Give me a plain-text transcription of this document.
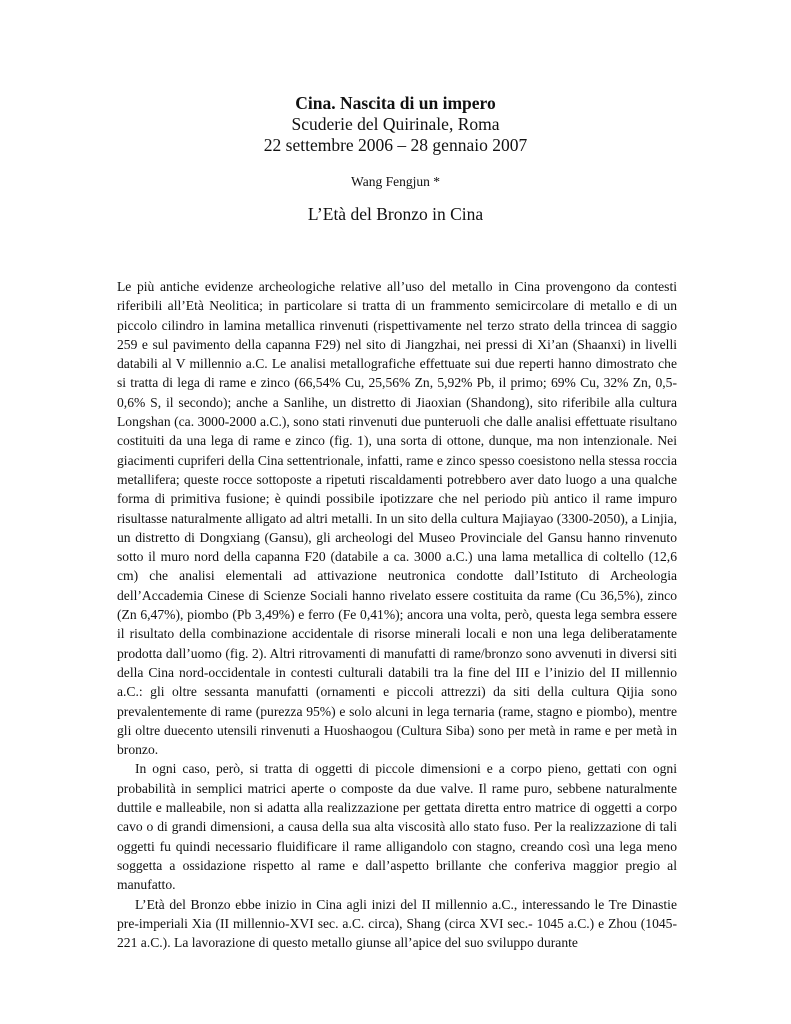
Cina. Nascita di un impero
Scuderie del Quirinale, Roma
22 settembre 2006 – 28 gennaio 2007
Wang Fengjun *
L’Età del Bronzo in Cina

Le più antiche evidenze archeologiche relative all’uso del metallo in Cina provengono da contesti riferibili all’Età Neolitica; in particolare si tratta di un frammento semicircolare di metallo e di un piccolo cilindro in lamina metallica rinvenuti (rispettivamente nel terzo strato della trincea di saggio 259 e sul pavimento della capanna F29) nel sito di Jiangzhai, nei pressi di Xi’an (Shaanxi) in livelli databili al V millennio a.C. Le analisi metallografiche effettuate sui due reperti hanno dimostrato che si tratta di lega di rame e zinco (66,54% Cu, 25,56% Zn, 5,92% Pb, il primo; 69% Cu, 32% Zn, 0,5-0,6% S, il secondo); anche a Sanlihe, un distretto di Jiaoxian (Shandong), sito riferibile alla cultura Longshan (ca. 3000-2000 a.C.), sono stati rinvenuti due punteruoli che dalle analisi effettuate risultano costituiti da una lega di rame e zinco (fig. 1), una sorta di ottone, dunque, ma non intenzionale. Nei giacimenti cupriferi della Cina settentrionale, infatti, rame e zinco spesso coesistono nella stessa roccia metallifera; queste rocce sottoposte a ripetuti riscaldamenti potrebbero aver dato luogo a una qualche forma di primitiva fusione; è quindi possibile ipotizzare che nel periodo più antico il rame impuro risultasse naturalmente alligato ad altri metalli. In un sito della cultura Majiayao (3300-2050), a Linjia, un distretto di Dongxiang (Gansu), gli archeologi del Museo Provinciale del Gansu hanno rinvenuto sotto il muro nord della capanna F20 (databile a ca. 3000 a.C.) una lama metallica di coltello (12,6 cm) che analisi elementali ad attivazione neutronica condotte dall’Istituto di Archeologia dell’Accademia Cinese di Scienze Sociali hanno rivelato essere costituita da rame (Cu 36,5%), zinco (Zn 6,47%), piombo (Pb 3,49%) e ferro (Fe 0,41%); ancora una volta, però, questa lega sembra essere il risultato della combinazione accidentale di risorse minerali locali e non una lega deliberatamente prodotta dall’uomo (fig. 2). Altri ritrovamenti di manufatti di rame/bronzo sono avvenuti in diversi siti della Cina nord-occidentale in contesti culturali databili tra la fine del III e l’inizio del II millennio a.C.: gli oltre sessanta manufatti (ornamenti e piccoli attrezzi) da siti della cultura Qijia sono prevalentemente di rame (purezza 95%) e solo alcuni in lega ternaria (rame, stagno e piombo), mentre gli oltre duecento utensili rinvenuti a Huoshaogou (Cultura Siba) sono per metà in rame e per metà in bronzo.

In ogni caso, però, si tratta di oggetti di piccole dimensioni e a corpo pieno, gettati con ogni probabilità in semplici matrici aperte o composte da due valve. Il rame puro, sebbene naturalmente duttile e malleabile, non si adatta alla realizzazione per gettata diretta entro matrice di oggetti a corpo cavo o di grandi dimensioni, a causa della sua alta viscosità allo stato fuso. Per la realizzazione di tali oggetti fu quindi necessario fluidificare il rame alligandolo con stagno, creando così una lega meno soggetta a ossidazione rispetto al rame e dall’aspetto brillante che conferiva maggior pregio al manufatto.

L’Età del Bronzo ebbe inizio in Cina agli inizi del II millennio a.C., interessando le Tre Dinastie pre-imperiali Xia (II millennio-XVI sec. a.C. circa), Shang (circa XVI sec.- 1045 a.C.) e Zhou (1045-221 a.C.). La lavorazione di questo metallo giunse all’apice del suo sviluppo durante
